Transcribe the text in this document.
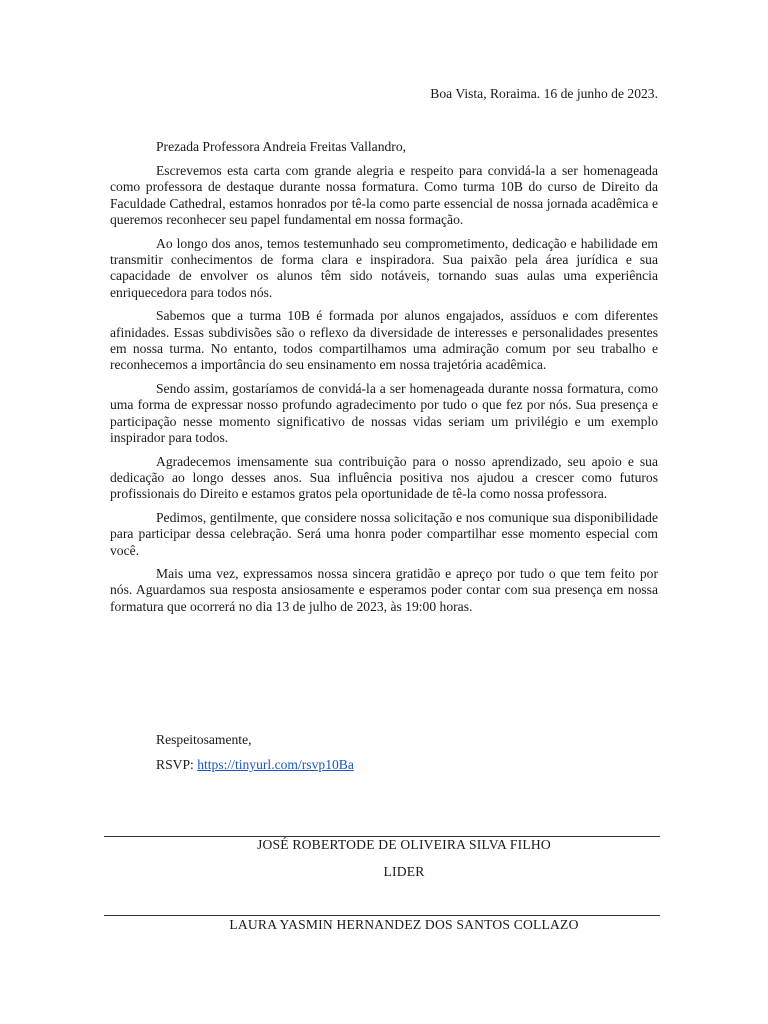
Boa Vista, Roraima. 16 de junho de 2023.

Prezada Professora Andreia Freitas Vallandro,

Escrevemos esta carta com grande alegria e respeito para convidá-la a ser homenageada como professora de destaque durante nossa formatura. Como turma 10B do curso de Direito da Faculdade Cathedral, estamos honrados por tê-la como parte essencial de nossa jornada acadêmica e queremos reconhecer seu papel fundamental em nossa formação.

Ao longo dos anos, temos testemunhado seu comprometimento, dedicação e habilidade em transmitir conhecimentos de forma clara e inspiradora. Sua paixão pela área jurídica e sua capacidade de envolver os alunos têm sido notáveis, tornando suas aulas uma experiência enriquecedora para todos nós.

Sabemos que a turma 10B é formada por alunos engajados, assíduos e com diferentes afinidades. Essas subdivisões são o reflexo da diversidade de interesses e personalidades presentes em nossa turma. No entanto, todos compartilhamos uma admiração comum por seu trabalho e reconhecemos a importância do seu ensinamento em nossa trajetória acadêmica.

Sendo assim, gostaríamos de convidá-la a ser homenageada durante nossa formatura, como uma forma de expressar nosso profundo agradecimento por tudo o que fez por nós. Sua presença e participação nesse momento significativo de nossas vidas seriam um privilégio e um exemplo inspirador para todos.

Agradecemos imensamente sua contribuição para o nosso aprendizado, seu apoio e sua dedicação ao longo desses anos. Sua influência positiva nos ajudou a crescer como futuros profissionais do Direito e estamos gratos pela oportunidade de tê-la como nossa professora.

Pedimos, gentilmente, que considere nossa solicitação e nos comunique sua disponibilidade para participar dessa celebração. Será uma honra poder compartilhar esse momento especial com você.

Mais uma vez, expressamos nossa sincera gratidão e apreço por tudo o que tem feito por nós. Aguardamos sua resposta ansiosamente e esperamos poder contar com sua presença em nossa formatura que ocorrerá no dia 13 de julho de 2023, às 19:00 horas.

Respeitosamente,
RSVP: https://tinyurl.com/rsvp10Ba
JOSÉ ROBERTODE DE OLIVEIRA SILVA FILHO
LIDER
LAURA YASMIN HERNANDEZ DOS SANTOS COLLAZO
